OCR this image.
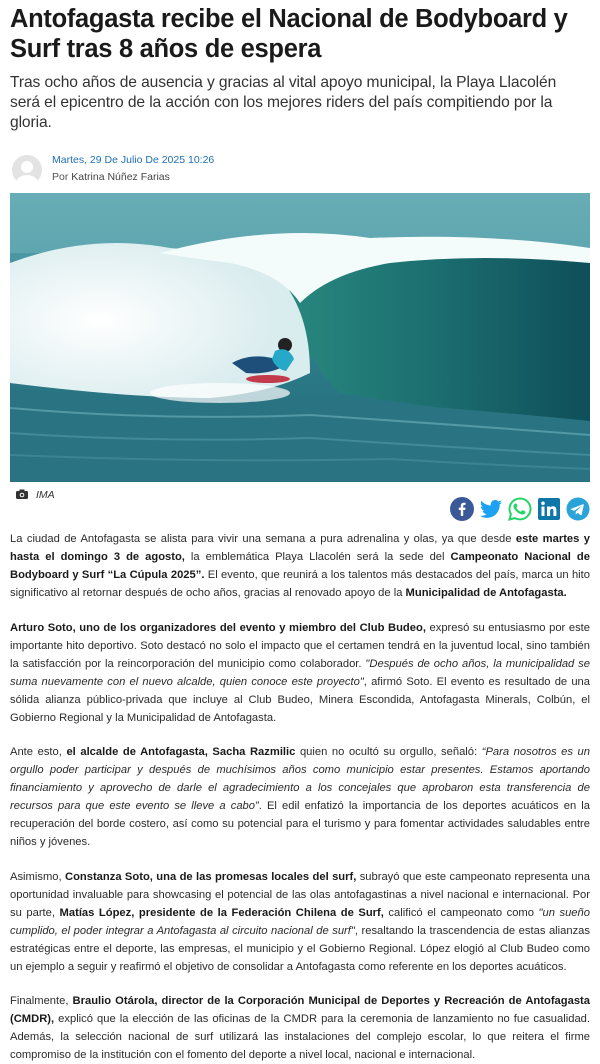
Antofagasta recibe el Nacional de Bodyboard y Surf tras 8 años de espera
Tras ocho años de ausencia y gracias al vital apoyo municipal, la Playa Llacolén será el epicentro de la acción con los mejores riders del país compitiendo por la gloria.
Martes, 29 De Julio De 2025 10:26
Por Katrina Núñez Farias
IMA

La ciudad de Antofagasta se alista para vivir una semana a pura adrenalina y olas, ya que desde este martes y hasta el domingo 3 de agosto, la emblemática Playa Llacolén será la sede del Campeonato Nacional de Bodyboard y Surf “La Cúpula 2025”. El evento, que reunirá a los talentos más destacados del país, marca un hito significativo al retornar después de ocho años, gracias al renovado apoyo de la Municipalidad de Antofagasta.

Arturo Soto, uno de los organizadores del evento y miembro del Club Budeo, expresó su entusiasmo por este importante hito deportivo. Soto destacó no solo el impacto que el certamen tendrá en la juventud local, sino también la satisfacción por la reincorporación del municipio como colaborador. "Después de ocho años, la municipalidad se suma nuevamente con el nuevo alcalde, quien conoce este proyecto", afirmó Soto. El evento es resultado de una sólida alianza público-privada que incluye al Club Budeo, Minera Escondida, Antofagasta Minerals, Colbún, el Gobierno Regional y la Municipalidad de Antofagasta.

Ante esto, el alcalde de Antofagasta, Sacha Razmilic quien no ocultó su orgullo, señaló: “Para nosotros es un orgullo poder participar y después de muchísimos años como municipio estar presentes. Estamos aportando financiamiento y aprovecho de darle el agradecimiento a los concejales que aprobaron esta transferencia de recursos para que este evento se lleve a cabo”. El edil enfatizó la importancia de los deportes acuáticos en la recuperación del borde costero, así como su potencial para el turismo y para fomentar actividades saludables entre niños y jóvenes.

Asimismo, Constanza Soto, una de las promesas locales del surf, subrayó que este campeonato representa una oportunidad invaluable para showcasing el potencial de las olas antofagastinas a nivel nacional e internacional. Por su parte, Matías López, presidente de la Federación Chilena de Surf, calificó el campeonato como "un sueño cumplido, el poder integrar a Antofagasta al circuito nacional de surf", resaltando la trascendencia de estas alianzas estratégicas entre el deporte, las empresas, el municipio y el Gobierno Regional. López elogió al Club Budeo como un ejemplo a seguir y reafirmó el objetivo de consolidar a Antofagasta como referente en los deportes acuáticos.

Finalmente, Braulio Otárola, director de la Corporación Municipal de Deportes y Recreación de Antofagasta (CMDR), explicó que la elección de las oficinas de la CMDR para la ceremonia de lanzamiento no fue casualidad. Además, la selección nacional de surf utilizará las instalaciones del complejo escolar, lo que reitera el firme compromiso de la institución con el fomento del deporte a nivel local, nacional e internacional.
